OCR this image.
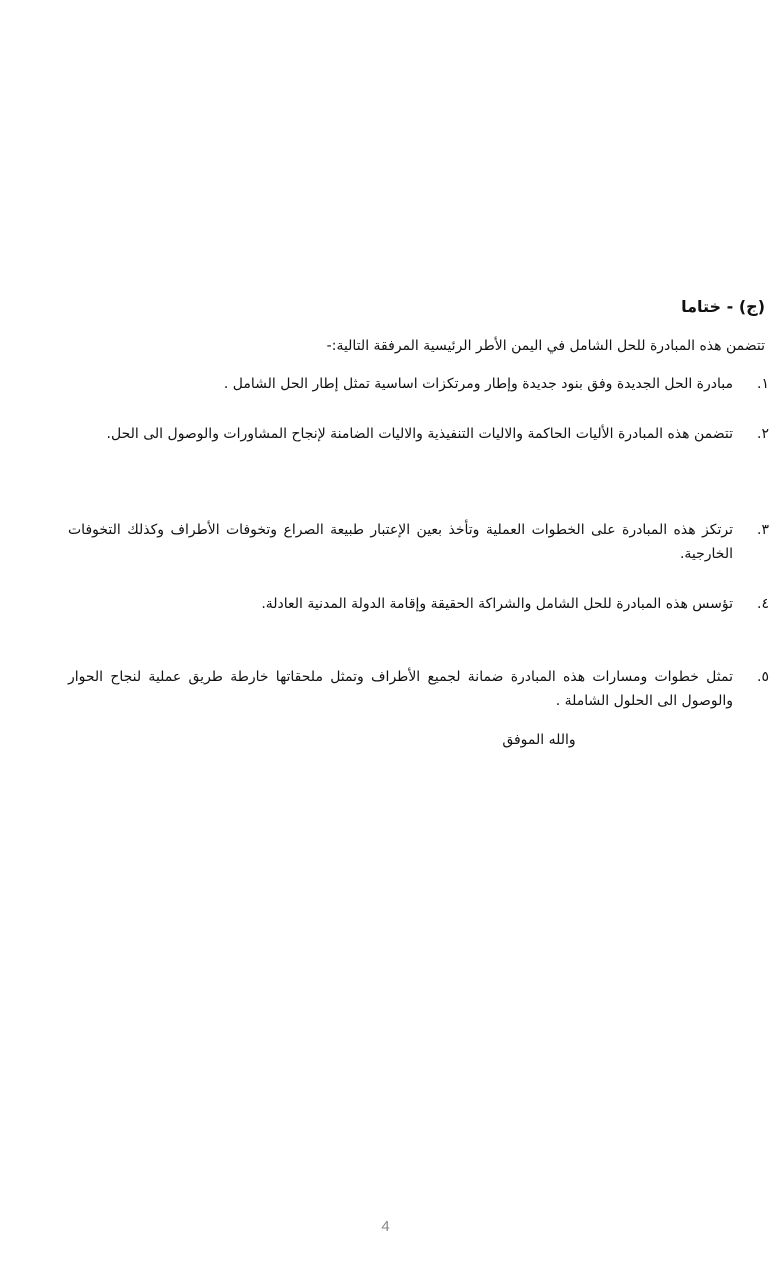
(ج) - ختاما
تتضمن هذه المبادرة للحل الشامل في اليمن الأطر الرئيسية المرفقة التالية:-
١.
مبادرة الحل الجديدة وفق بنود جديدة وإطار ومرتكزات اساسية تمثل إطار الحل الشامل .
٢.
تتضمن هذه المبادرة الأليات الحاكمة والاليات التنفيذية والاليات الضامنة لإنجاح المشاورات والوصول الى الحل.
٣.
ترتكز هذه المبادرة على الخطوات العملية وتأخذ بعين الإعتبار طبيعة الصراع وتخوفات الأطراف وكذلك التخوفات الخارجية.
٤.
تؤسس هذه المبادرة للحل الشامل والشراكة الحقيقة وإقامة الدولة المدنية العادلة.
٥.
تمثل خطوات ومسارات هذه المبادرة ضمانة لجميع الأطراف وتمثل ملحقاتها خارطة طريق عملية لنجاح الحوار والوصول الى الحلول الشاملة .
والله الموفق
4
